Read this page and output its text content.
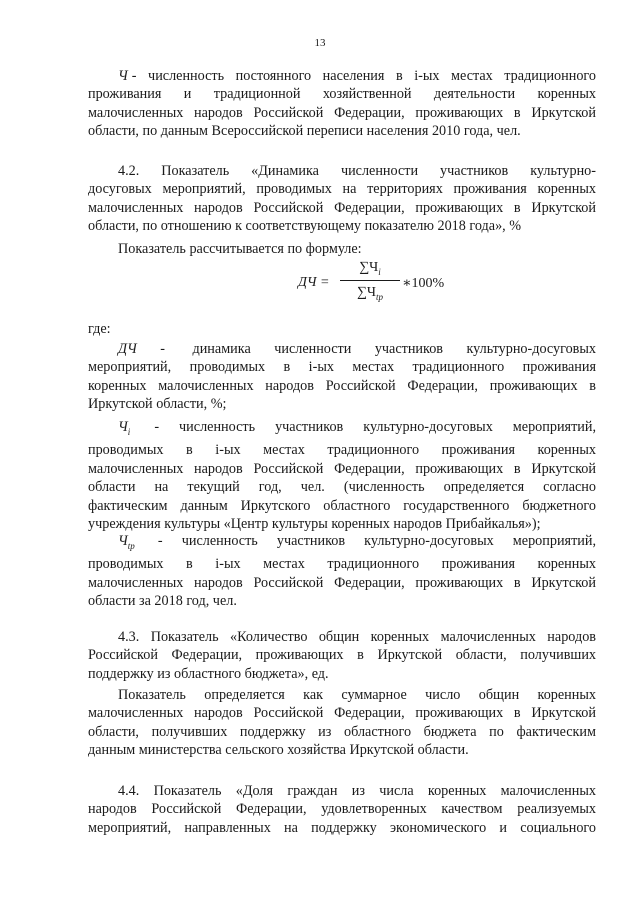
13
Ч - численность постоянного населения в i-ых местах традиционного
проживания и традиционной хозяйственной деятельности коренных
малочисленных народов Российской Федерации, проживающих в Иркутской
области, по данным Всероссийской переписи населения 2010 года, чел.
4.2. Показатель «Динамика численности участников культурно-
досуговых мероприятий, проводимых на территориях проживания коренных
малочисленных народов Российской Федерации, проживающих в Иркутской
области, по отношению к соответствующему показателю 2018 года», %
Показатель рассчитывается по формуле:
ДЧ =
$\sum Ч_i$
$\sum Ч_{tр}$
∗100%
где:
ДЧ - динамика численности участников культурно-досуговых
мероприятий, проводимых в i-ых местах традиционного проживания
коренных малочисленных народов Российской Федерации, проживающих в
Иркутской области, %;
$Ч_i$ - численность участников культурно-досуговых мероприятий,
проводимых в i-ых местах традиционного проживания коренных
малочисленных народов Российской Федерации, проживающих в Иркутской
области на текущий год, чел. (численность определяется согласно
фактическим данным Иркутского областного государственного бюджетного
учреждения культуры «Центр культуры коренных народов Прибайкалья»);
$Ч_{tр}$ - численность участников культурно-досуговых мероприятий,
проводимых в i-ых местах традиционного проживания коренных
малочисленных народов Российской Федерации, проживающих в Иркутской
области за 2018 год, чел.
4.3. Показатель «Количество общин коренных малочисленных народов
Российской Федерации, проживающих в Иркутской области, получивших
поддержку из областного бюджета», ед.
Показатель определяется как суммарное число общин коренных
малочисленных народов Российской Федерации, проживающих в Иркутской
области, получивших поддержку из областного бюджета по фактическим
данным министерства сельского хозяйства Иркутской области.
4.4. Показатель «Доля граждан из числа коренных малочисленных
народов Российской Федерации, удовлетворенных качеством реализуемых
мероприятий, направленных на поддержку экономического и социального
